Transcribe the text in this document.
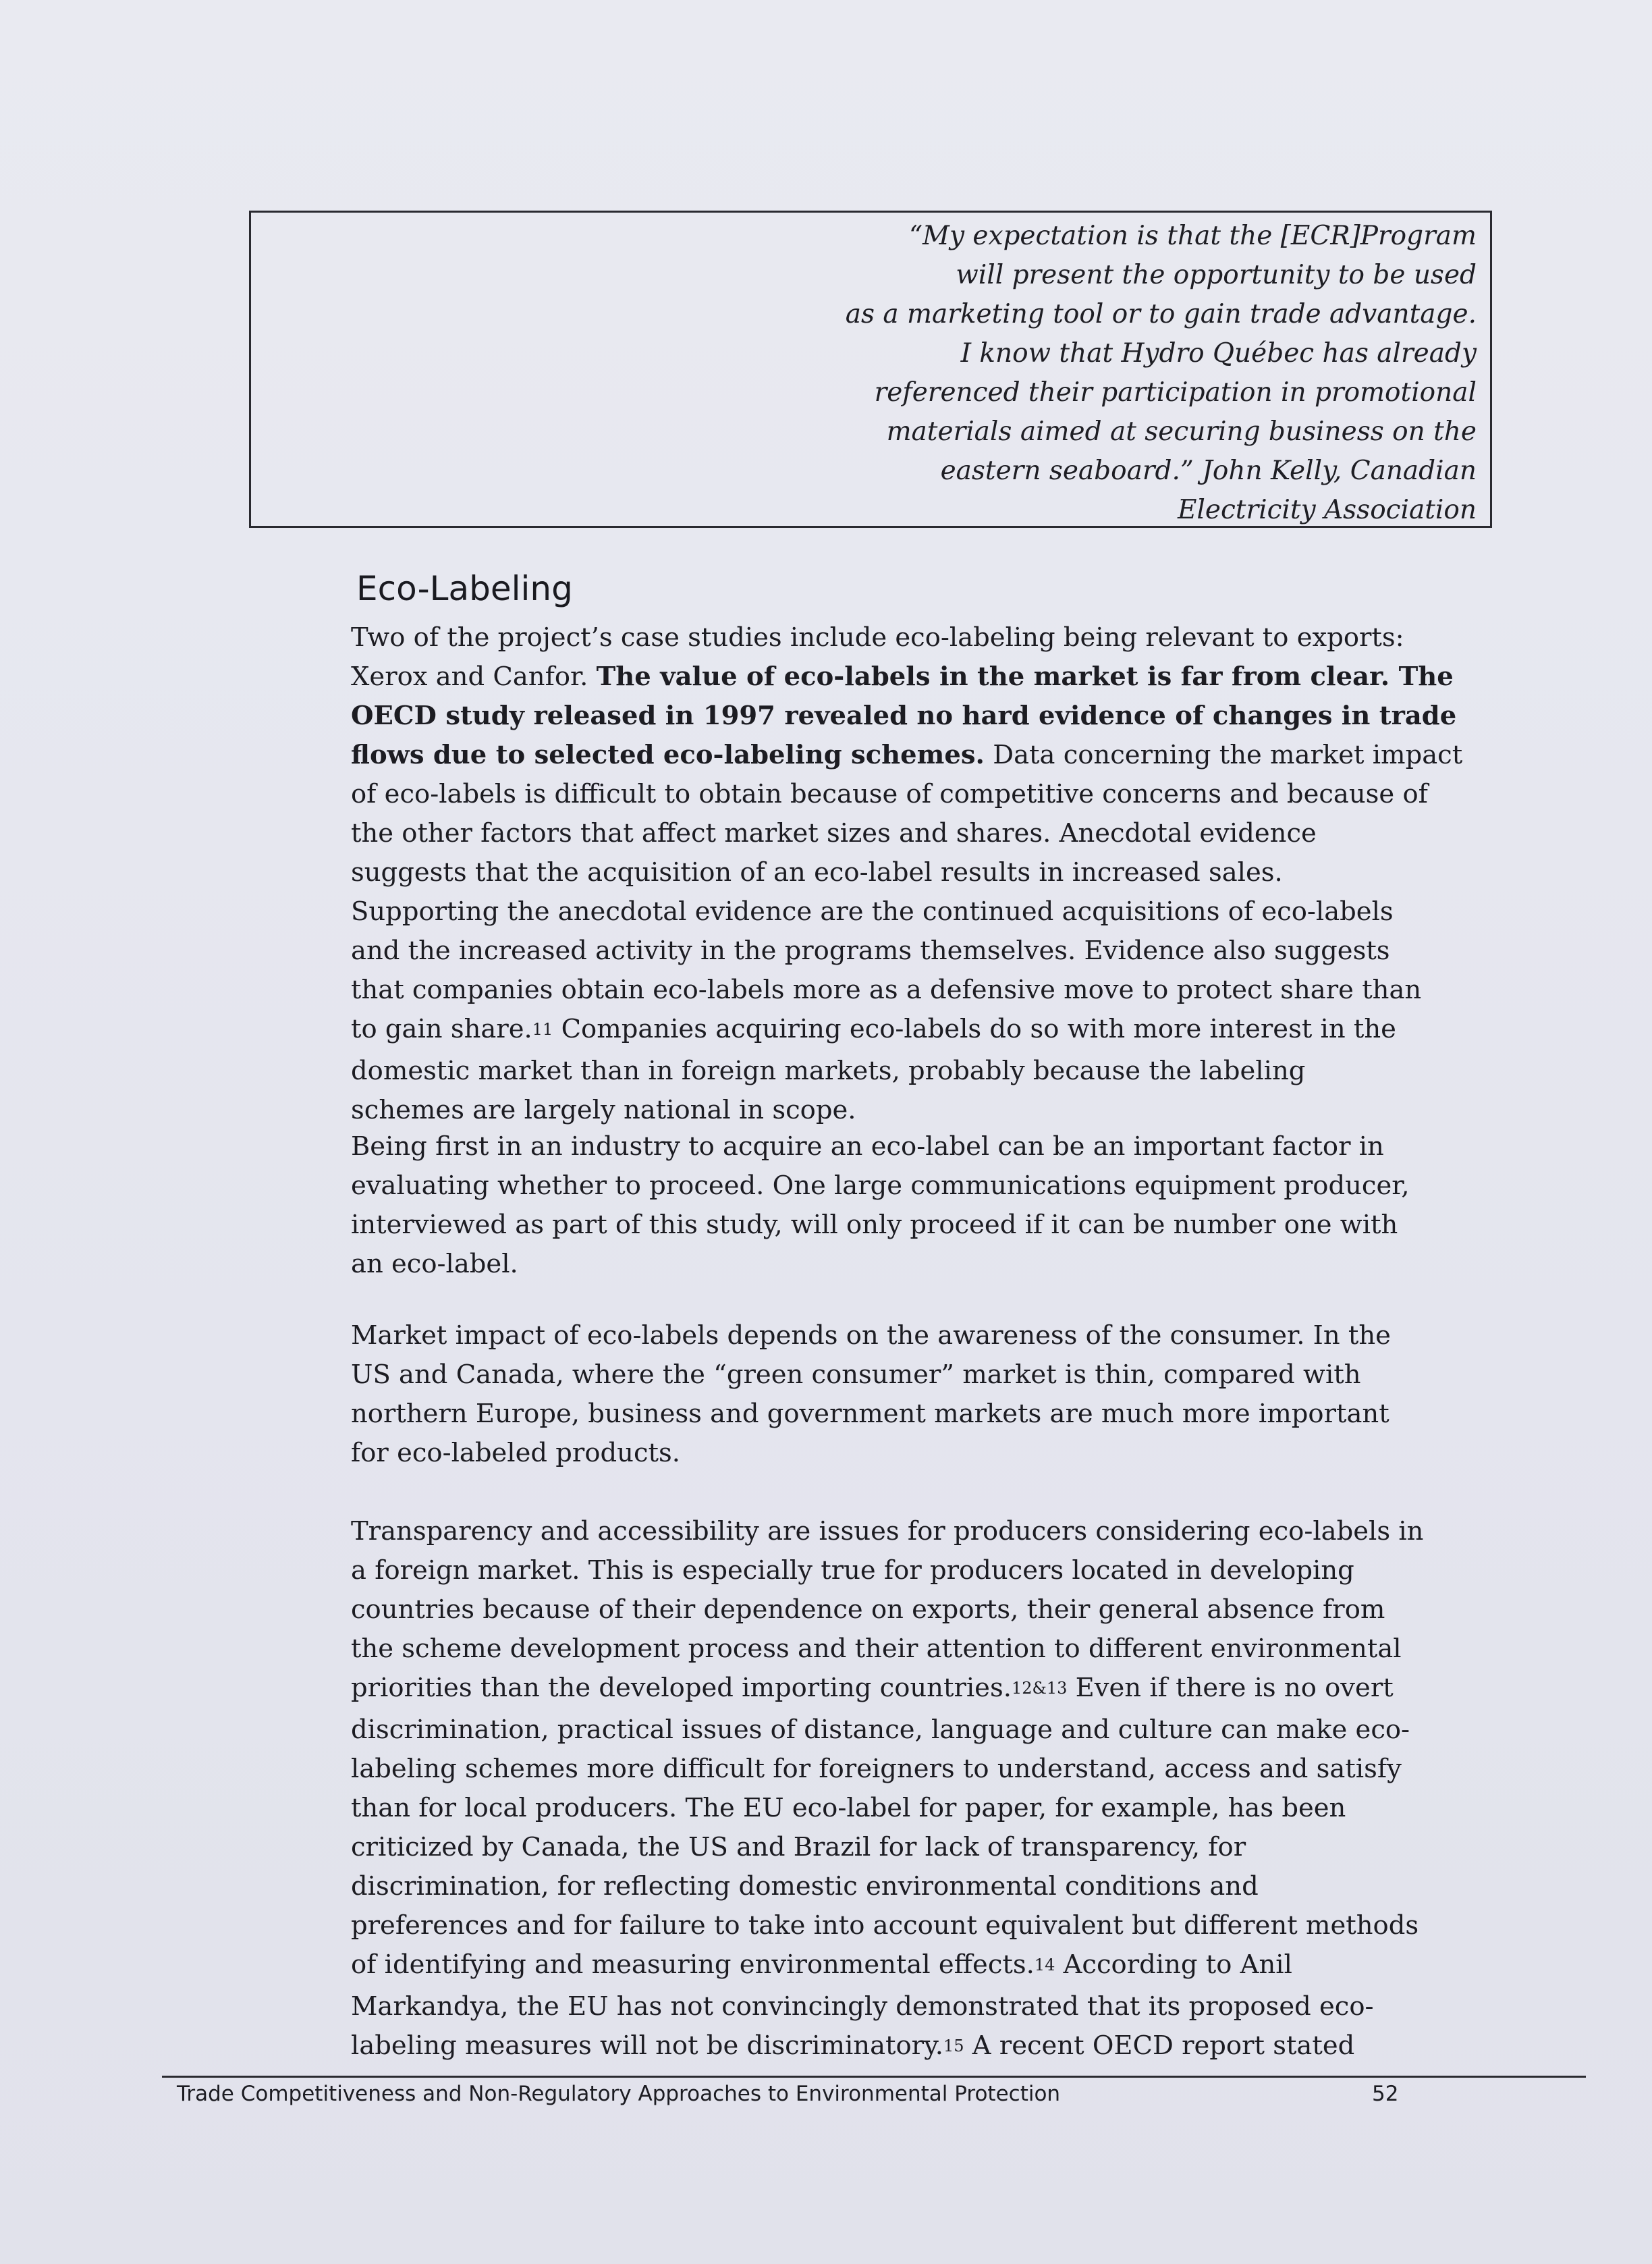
“My expectation is that the [ECR]Program
will present the opportunity to be used
as a marketing tool or to gain trade advantage.
I know that Hydro Québec has already
referenced their participation in promotional
materials aimed at securing business on the
eastern seaboard.” John Kelly, Canadian
Electricity Association
Eco-Labeling
Two of the project’s case studies include eco-labeling being relevant to exports:
Xerox and Canfor. The value of eco-labels in the market is far from clear. The
OECD study released in 1997 revealed no hard evidence of changes in trade
flows due to selected eco-labeling schemes. Data concerning the market impact
of eco-labels is difficult to obtain because of competitive concerns and because of
the other factors that affect market sizes and shares. Anecdotal evidence
suggests that the acquisition of an eco-label results in increased sales.
Supporting the anecdotal evidence are the continued acquisitions of eco-labels
and the increased activity in the programs themselves. Evidence also suggests
that companies obtain eco-labels more as a defensive move to protect share than
to gain share.$^{11}$ Companies acquiring eco-labels do so with more interest in the
domestic market than in foreign markets, probably because the labeling
schemes are largely national in scope.
Being first in an industry to acquire an eco-label can be an important factor in
evaluating whether to proceed. One large communications equipment producer,
interviewed as part of this study, will only proceed if it can be number one with
an eco-label.
Market impact of eco-labels depends on the awareness of the consumer. In the
US and Canada, where the “green consumer” market is thin, compared with
northern Europe, business and government markets are much more important
for eco-labeled products.
Transparency and accessibility are issues for producers considering eco-labels in
a foreign market. This is especially true for producers located in developing
countries because of their dependence on exports, their general absence from
the scheme development process and their attention to different environmental
priorities than the developed importing countries.$^{12\&13}$ Even if there is no overt
discrimination, practical issues of distance, language and culture can make eco-
labeling schemes more difficult for foreigners to understand, access and satisfy
than for local producers. The EU eco-label for paper, for example, has been
criticized by Canada, the US and Brazil for lack of transparency, for
discrimination, for reflecting domestic environmental conditions and
preferences and for failure to take into account equivalent but different methods
of identifying and measuring environmental effects.$^{14}$ According to Anil
Markandya, the EU has not convincingly demonstrated that its proposed eco-
labeling measures will not be discriminatory.$^{15}$ A recent OECD report stated
Trade Competitiveness and Non-Regulatory Approaches to Environmental Protection	52
